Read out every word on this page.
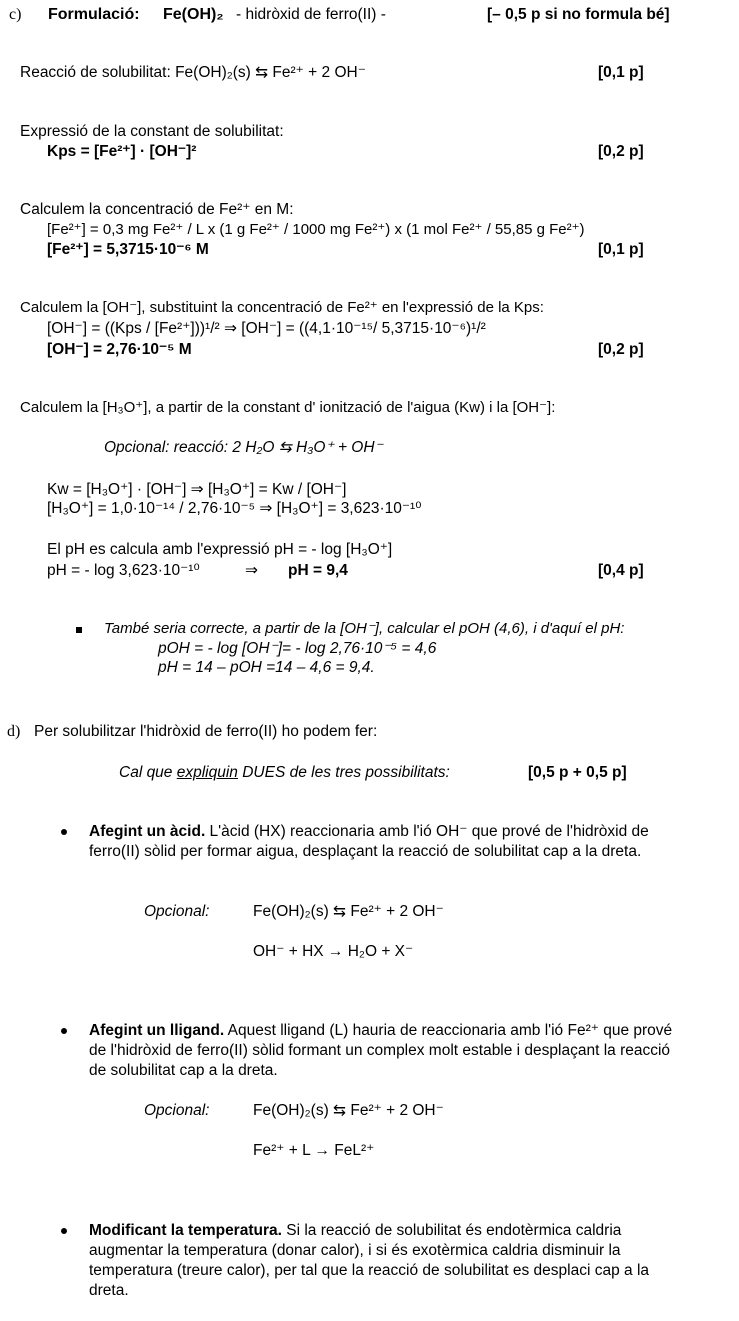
c) Formulació: Fe(OH)₂ - hidròxid de ferro(II) -	[– 0,5 p si no formula bé]
Reacció de solubilitat: Fe(OH)₂(s) ⇆ Fe²⁺ + 2 OH⁻	[0,1 p]
Expressió de la constant de solubilitat:
Kps = [Fe²⁺] · [OH⁻]²	[0,2 p]
Calculem la concentració de Fe²⁺ en M:
[Fe²⁺] = 0,3 mg Fe²⁺ / L x (1 g Fe²⁺ / 1000 mg Fe²⁺) x (1 mol Fe²⁺ / 55,85 g Fe²⁺)
[Fe²⁺] = 5,3715·10⁻⁶ M	[0,1 p]
Calculem la [OH⁻], substituint la concentració de Fe²⁺ en l'expressió de la Kps:
[OH⁻] = ((Kps / [Fe²⁺]))¹/² ⇒ [OH⁻] = ((4,1·10⁻¹⁵/ 5,3715·10⁻⁶)¹/²
[OH⁻] = 2,76·10⁻⁵ M	[0,2 p]
Calculem la [H₃O⁺], a partir de la constant d' ionització de l'aigua (Kw) i la [OH⁻]:
Opcional: reacció: 2 H₂O ⇆ H₃O⁺ + OH⁻
Kw = [H₃O⁺] · [OH⁻] ⇒ [H₃O⁺] = Kw / [OH⁻]
[H₃O⁺] = 1,0·10⁻¹⁴ / 2,76·10⁻⁵ ⇒ [H₃O⁺] = 3,623·10⁻¹⁰
El pH es calcula amb l'expressió pH = - log [H₃O⁺]
pH = - log 3,623·10⁻¹⁰	⇒ pH = 9,4	[0,4 p]
També seria correcte, a partir de la [OH⁻], calcular el pOH (4,6), i d'aquí el pH:
pOH = - log [OH⁻]= - log 2,76·10⁻⁵ = 4,6
pH = 14 – pOH =14 – 4,6 = 9,4.
d) Per solubilitzar l'hidròxid de ferro(II) ho podem fer:
Cal que expliquin DUES de les tres possibilitats:	[0,5 p + 0,5 p]
Afegint un àcid. L'àcid (HX) reaccionaria amb l'ió OH⁻ que prové de l'hidròxid de ferro(II) sòlid per formar aigua, desplaçant la reacció de solubilitat cap a la dreta.
Opcional:	Fe(OH)₂(s) ⇆ Fe²⁺ + 2 OH⁻
OH⁻ + HX → H₂O + X⁻
Afegint un lligand. Aquest lligand (L) hauria de reaccionaria amb l'ió Fe²⁺ que prové de l'hidròxid de ferro(II) sòlid formant un complex molt estable i desplaçant la reacció de solubilitat cap a la dreta.
Opcional:	Fe(OH)₂(s) ⇆ Fe²⁺ + 2 OH⁻
Fe²⁺ + L → FeL²⁺
Modificant la temperatura. Si la reacció de solubilitat és endotèrmica caldria augmentar la temperatura (donar calor), i si és exotèrmica caldria disminuir la temperatura (treure calor), per tal que la reacció de solubilitat es desplaci cap a la dreta.
